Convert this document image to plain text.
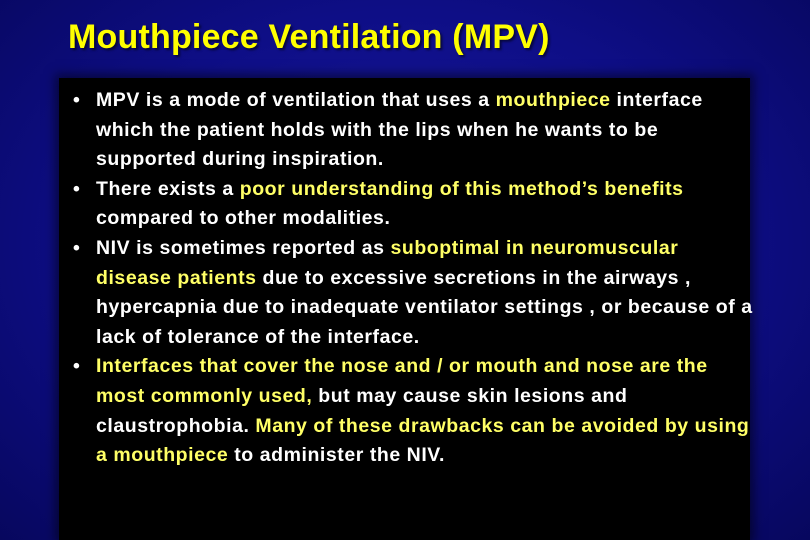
Mouthpiece Ventilation (MPV)
• MPV is a mode of ventilation that uses a mouthpiece interface which the patient holds with the lips when he wants to be supported during inspiration.
• There exists a poor understanding of this method’s benefits compared to other modalities.
• NIV is sometimes reported as suboptimal in neuromuscular disease patients due to excessive secretions in the airways , hypercapnia due to inadequate ventilator settings , or because of a lack of tolerance of the interface.
• Interfaces that cover the nose and / or mouth and nose are the most commonly used, but may cause skin lesions and claustrophobia. Many of these drawbacks can be avoided by using a mouthpiece to administer the NIV.
